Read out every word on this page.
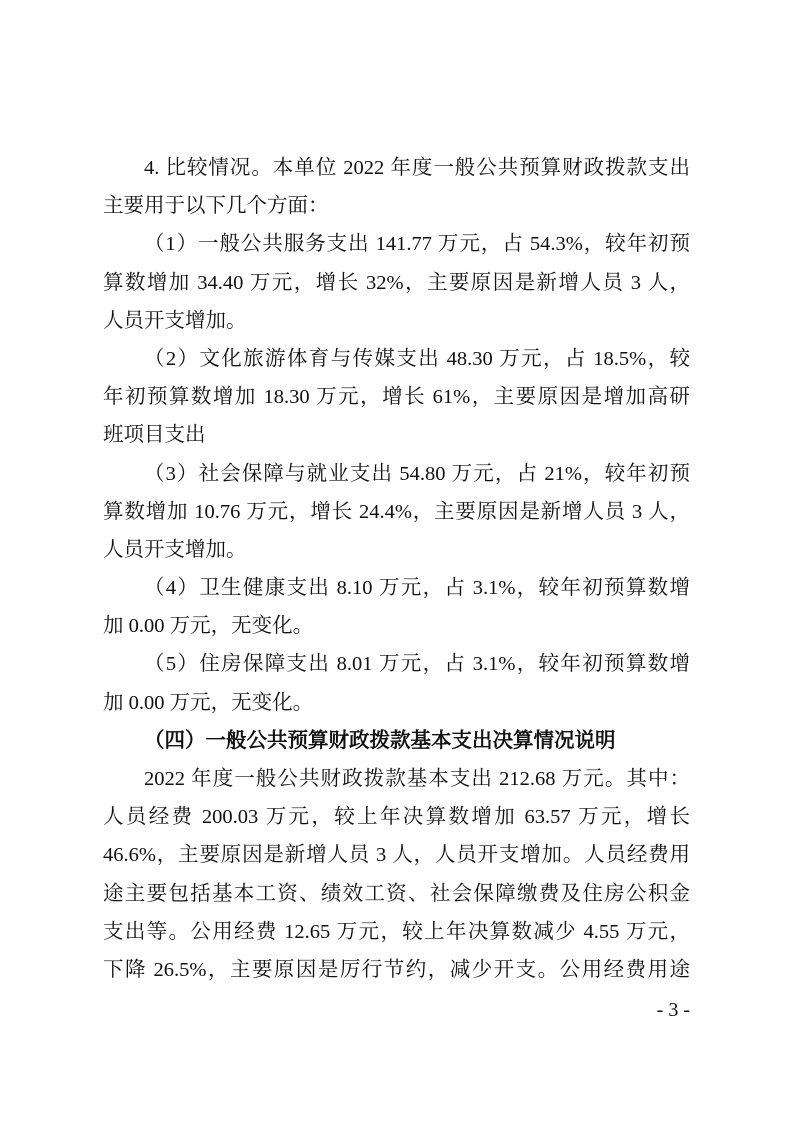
4. 比较情况。本单位 2022 年度一般公共预算财政拨款支出
主要用于以下几个方面：
（1）一般公共服务支出 141.77 万元，占 54.3%，较年初预
算数增加 34.40 万元，增长 32%，主要原因是新增人员 3 人，
人员开支增加。
（2）文化旅游体育与传媒支出 48.30 万元，占 18.5%，较
年初预算数增加 18.30 万元，增长 61%，主要原因是增加高研
班项目支出
（3）社会保障与就业支出 54.80 万元，占 21%，较年初预
算数增加 10.76 万元，增长 24.4%，主要原因是新增人员 3 人，
人员开支增加。
（4）卫生健康支出 8.10 万元，占 3.1%，较年初预算数增
加 0.00 万元，无变化。
（5）住房保障支出 8.01 万元，占 3.1%，较年初预算数增
加 0.00 万元，无变化。
（四）一般公共预算财政拨款基本支出决算情况说明
2022 年度一般公共财政拨款基本支出 212.68 万元。其中：
人员经费 200.03 万元，较上年决算数增加 63.57 万元，增长
46.6%，主要原因是新增人员 3 人，人员开支增加。人员经费用
途主要包括基本工资、绩效工资、社会保障缴费及住房公积金
支出等。公用经费 12.65 万元，较上年决算数减少 4.55 万元，
下降 26.5%，主要原因是厉行节约，减少开支。公用经费用途
- 3 -
